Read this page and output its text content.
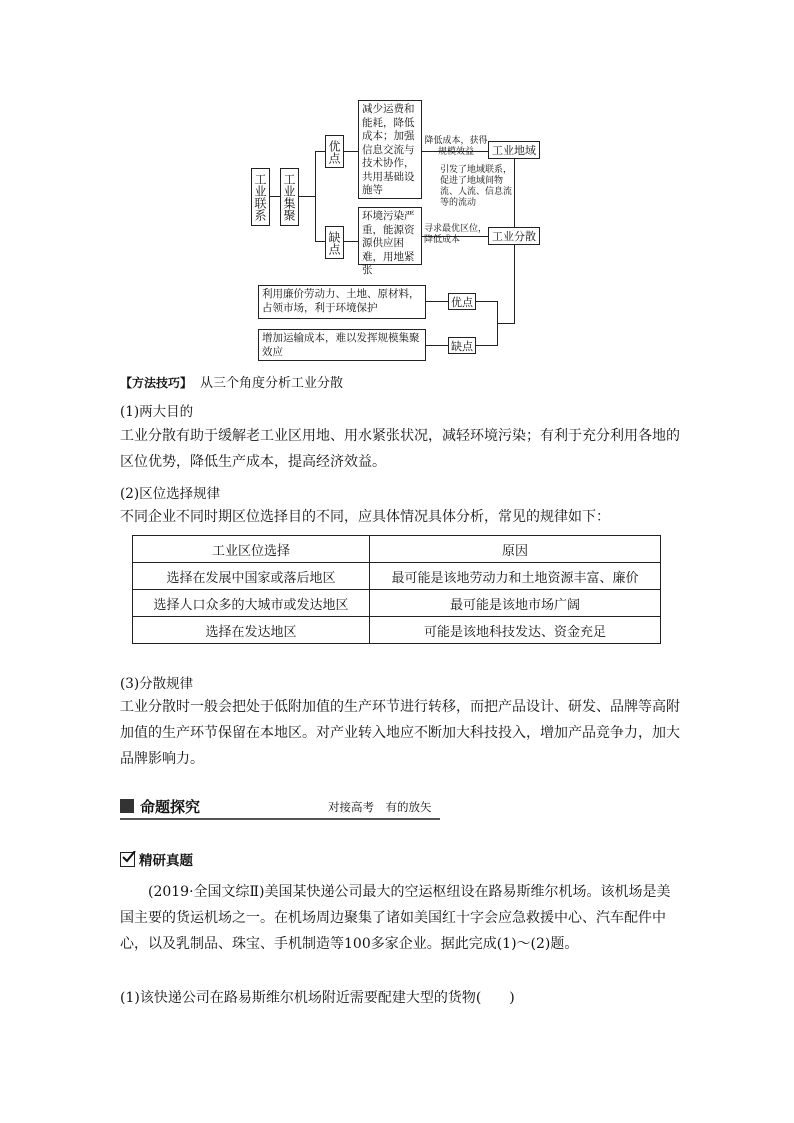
工业联系 工业集聚
优点
缺点
减少运费和能耗，降低成本；加强信息交流与技术协作，共用基础设施等
环境污染严重，能源资源供应困难，用地紧张
降低成本，获得规模效益	工业地域
引发了地域联系，促进了地域间物流、人流、信息流等的流动
寻求最优区位，降低成本	工业分散
优点
利用廉价劳动力、土地、原材料，占领市场，利于环境保护
缺点
增加运输成本，难以发挥规模集聚效应
【方法技巧】 从三个角度分析工业分散
(1)两大目的
工业分散有助于缓解老工业区用地、用水紧张状况，减轻环境污染；有利于充分利用各地的区位优势，降低生产成本，提高经济效益。
(2)区位选择规律
不同企业不同时期区位选择目的不同，应具体情况具体分析，常见的规律如下：
工业区位选择	原因
选择在发展中国家或落后地区	最可能是该地劳动力和土地资源丰富、廉价
选择人口众多的大城市或发达地区	最可能是该地市场广阔
选择在发达地区	可能是该地科技发达、资金充足
(3)分散规律
工业分散时一般会把处于低附加值的生产环节进行转移，而把产品设计、研发、品牌等高附加值的生产环节保留在本地区。对产业转入地应不断加大科技投入，增加产品竞争力，加大品牌影响力。
命题探究	对接高考　有的放矢
精研真题
(2019·全国文综Ⅱ)美国某快递公司最大的空运枢纽设在路易斯维尔机场。该机场是美国主要的货运机场之一。在机场周边聚集了诸如美国红十字会应急救援中心、汽车配件中心，以及乳制品、珠宝、手机制造等100多家企业。据此完成(1)～(2)题。
(1)该快递公司在路易斯维尔机场附近需要配建大型的货物(　　)
